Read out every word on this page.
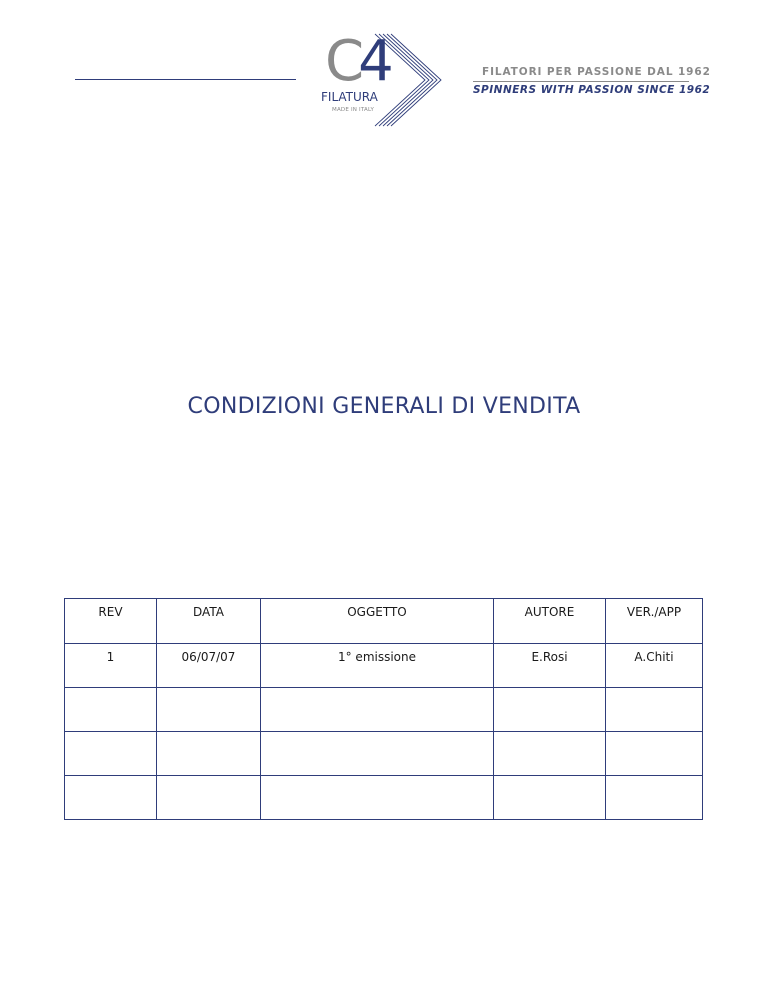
C4
FILATURA
MADE IN ITALY
FILATORI PER PASSIONE DAL 1962
SPINNERS WITH PASSION SINCE 1962
CONDIZIONI GENERALI DI VENDITA
REV	DATA	OGGETTO	AUTORE	VER./APP
1	06/07/07	1° emissione	E.Rosi	A.Chiti
